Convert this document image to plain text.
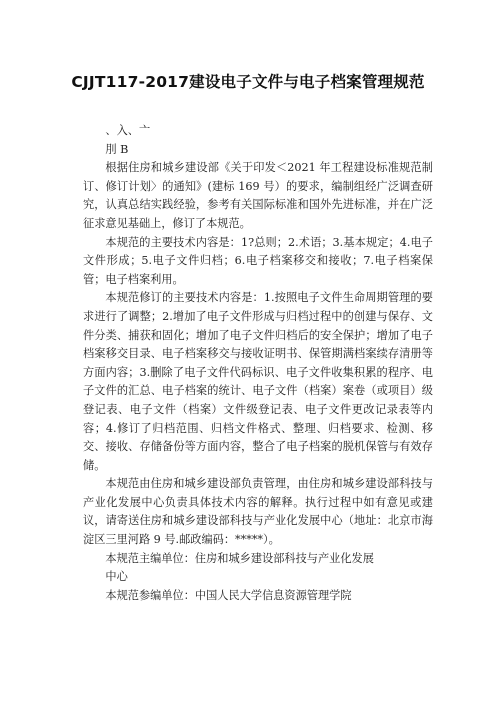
CJJT117-2017建设电子文件与电子档案管理规范

、入、亠

刖 B

根据住房和城乡建设部《关于印发＜2021 年工程建设标准规范制订、修订计划〉的通知》(建标 169 号）的要求，编制组经广泛调查研究，认真总结实践经验，参考有关国际标准和国外先进标准，并在广泛征求意见基础上，修订了本规范。

本规范的主要技术内容是：1?总则；2.术语；3.基本规定；4.电子文件形成；5.电子文件归档；6.电子档案移交和接收；7.电子档案保管；电子档案利用。

本规范修订的主要技术内容是：1.按照电子文件生命周期管理的要求进行了调整；2.增加了电子文件形成与归档过程中的创建与保存、文件分类、捕获和固化；增加了电子文件归档后的安全保护；增加了电子档案移交目录、电子档案移交与接收证明书、保管期满档案续存清册等方面内容；3.删除了电子文件代码标识、电子文件收集积累的程序、电子文件的汇总、电子档案的统计、电子文件（档案）案卷（或项目）级登记表、电子文件（档案）文件级登记表、电子文件更改记录表等内容；4.修订了归档范围、归档文件格式、整理、归档要求、检测、移交、接收、存储备份等方面内容，整合了电子档案的脱机保管与有效存储。

本规范由住房和城乡建设部负责管理，由住房和城乡建设部科技与产业化发展中心负责具体技术内容的解释。执行过程中如有意见或建议，请寄送住房和城乡建设部科技与产业化发展中心（地址：北京市海淀区三里河路 9 号.邮政编码：*****）。

本规范主编单位：住房和城乡建设部科技与产业化发展

中心

本规范参编单位：中国人民大学信息资源管理学院
